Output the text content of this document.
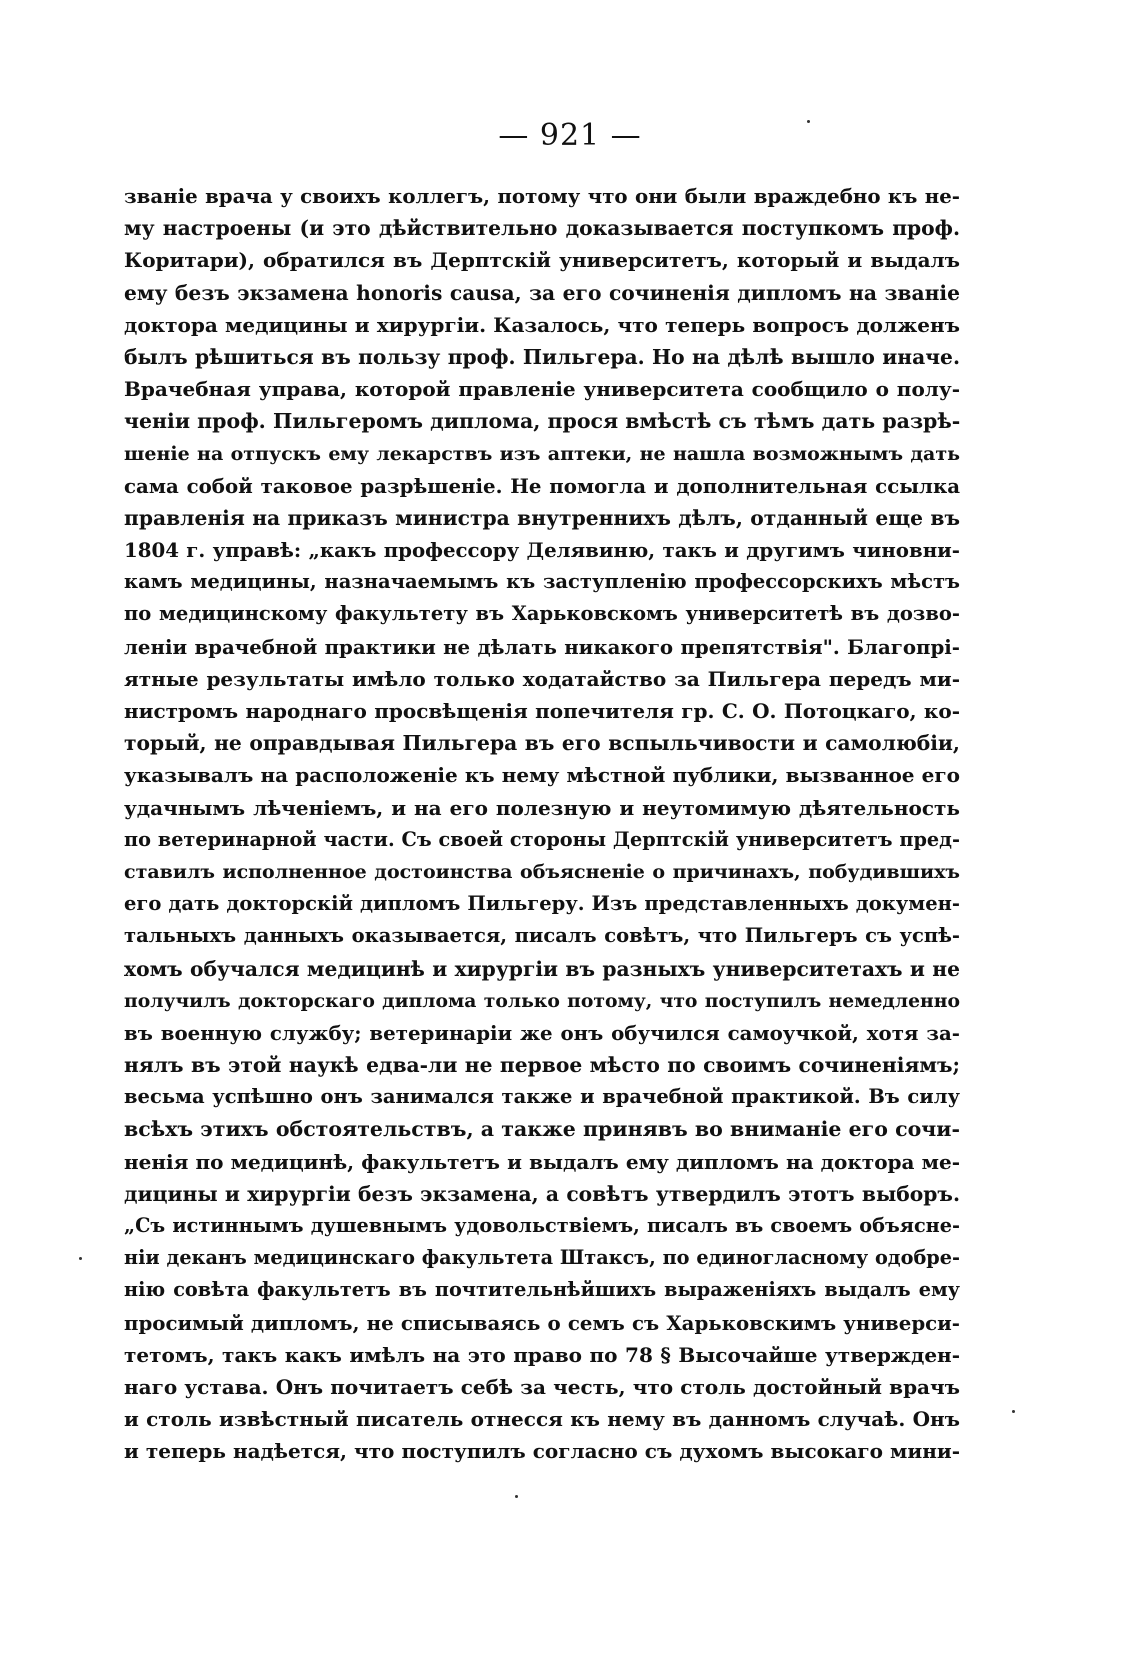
— 921 —
званіе врача у своихъ коллегъ, потому что они были враждебно къ не-
му настроены (и это дѣйствительно доказывается поступкомъ проф.
Коритари), обратился въ Дерптскій университетъ, который и выдалъ
ему безъ экзамена honoris causa, за его сочиненія дипломъ на званіе
доктора медицины и хирургіи. Казалось, что теперь вопросъ долженъ
былъ рѣшиться въ пользу проф. Пильгера. Но на дѣлѣ вышло иначе.
Врачебная управа, которой правленіе университета сообщило о полу-
ченіи проф. Пильгеромъ диплома, прося вмѣстѣ съ тѣмъ дать разрѣ-
шеніе на отпускъ ему лекарствъ изъ аптеки, не нашла возможнымъ дать
сама собой таковое разрѣшеніе. Не помогла и дополнительная ссылка
правленія на приказъ министра внутреннихъ дѣлъ, отданный еще въ
1804 г. управѣ: „какъ профессору Делявиню, такъ и другимъ чиновни-
камъ медицины, назначаемымъ къ заступленію профессорскихъ мѣстъ
по медицинскому факультету въ Харьковскомъ университетѣ въ дозво-
леніи врачебной практики не дѣлать никакого препятствія". Благопрі-
ятные результаты имѣло только ходатайство за Пильгера передъ ми-
нистромъ народнаго просвѣщенія попечителя гр. С. О. Потоцкаго, ко-
торый, не оправдывая Пильгера въ его вспыльчивости и самолюбіи,
указывалъ на расположеніе къ нему мѣстной публики, вызванное его
удачнымъ лѣченіемъ, и на его полезную и неутомимую дѣятельность
по ветеринарной части. Съ своей стороны Дерптскій университетъ пред-
ставилъ исполненное достоинства объясненіе о причинахъ, побудившихъ
его дать докторскій дипломъ Пильгеру. Изъ представленныхъ докумен-
тальныхъ данныхъ оказывается, писалъ совѣтъ, что Пильгеръ съ успѣ-
хомъ обучался медицинѣ и хирургіи въ разныхъ университетахъ и не
получилъ докторскаго диплома только потому, что поступилъ немедленно
въ военную службу; ветеринаріи же онъ обучился самоучкой, хотя за-
нялъ въ этой наукѣ едва-ли не первое мѣсто по своимъ сочиненіямъ;
весьма успѣшно онъ занимался также и врачебной практикой. Въ силу
всѣхъ этихъ обстоятельствъ, а также принявъ во вниманіе его сочи-
ненія по медицинѣ, факультетъ и выдалъ ему дипломъ на доктора ме-
дицины и хирургіи безъ экзамена, а совѣтъ утвердилъ этотъ выборъ.
„Съ истиннымъ душевнымъ удовольствіемъ, писалъ въ своемъ объясне-
ніи деканъ медицинскаго факультета Штаксъ, по единогласному одобре-
нію совѣта факультетъ въ почтительнѣйшихъ выраженіяхъ выдалъ ему
просимый дипломъ, не списываясь о семъ съ Харьковскимъ универси-
тетомъ, такъ какъ имѣлъ на это право по 78 § Высочайше утвержден-
наго устава. Онъ почитаетъ себѣ за честь, что столь достойный врачъ
и столь извѣстный писатель отнесся къ нему въ данномъ случаѣ. Онъ
и теперь надѣется, что поступилъ согласно съ духомъ высокаго мини-
